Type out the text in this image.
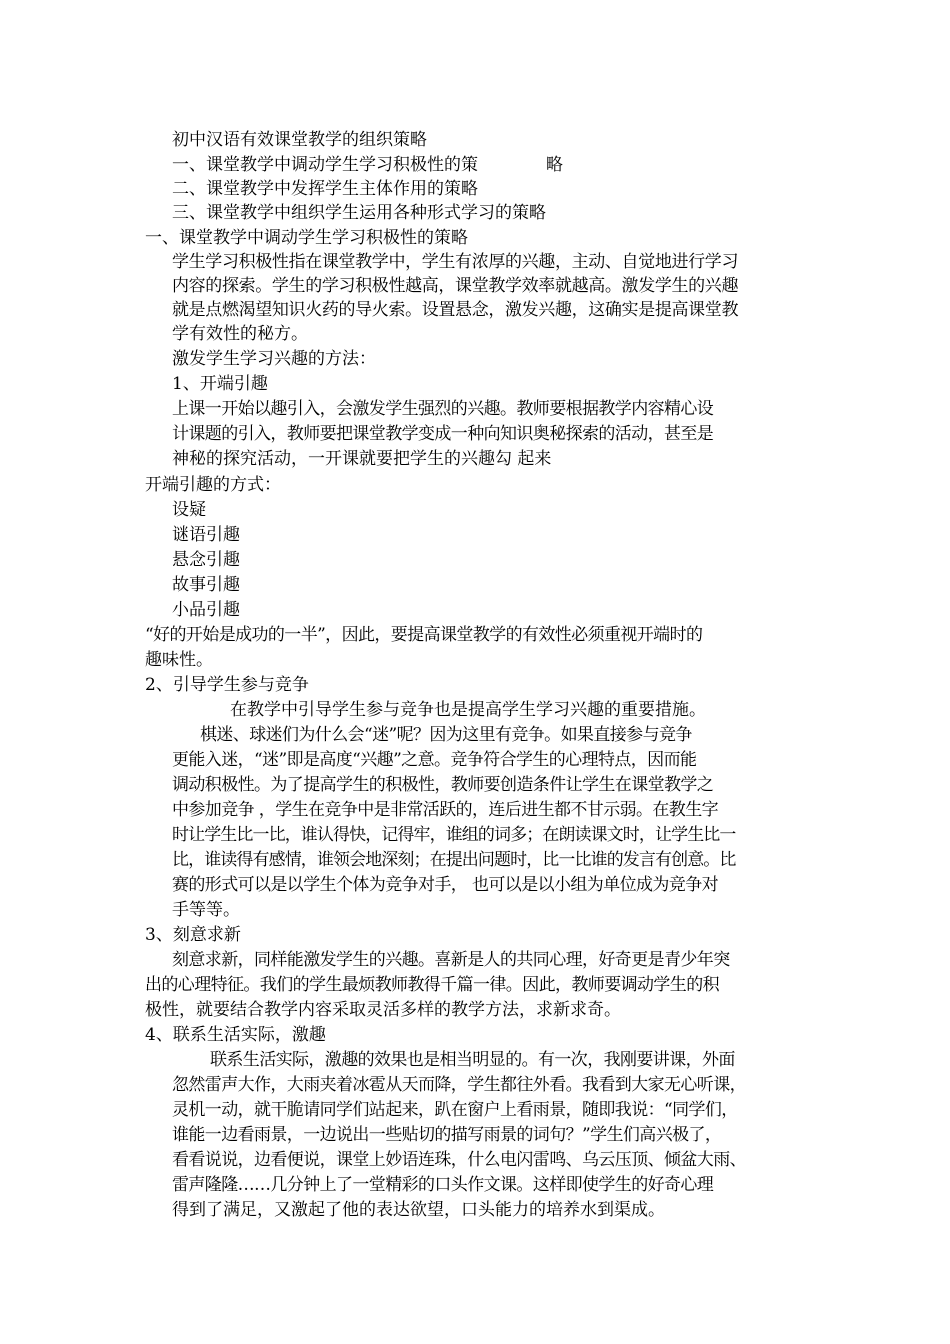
初中汉语有效课堂教学的组织策略

一、课堂教学中调动学生学习积极性的策　　　　略

二、课堂教学中发挥学生主体作用的策略

三、课堂教学中组织学生运用各种形式学习的策略

一、课堂教学中调动学生学习积极性的策略

学生学习积极性指在课堂教学中，学生有浓厚的兴趣，主动、自觉地进行学习

内容的探索。学生的学习积极性越高，课堂教学效率就越高。激发学生的兴趣

就是点燃渴望知识火药的导火索。设置悬念，激发兴趣，这确实是提高课堂教

学有效性的秘方。

激发学生学习兴趣的方法：

1、开端引趣

上课一开始以趣引入，会激发学生强烈的兴趣。教师要根据教学内容精心设

计课题的引入，教师要把课堂教学变成一种向知识奥秘探索的活动，甚至是

神秘的探究活动，一开课就要把学生的兴趣勾 起来

开端引趣的方式：

设疑

谜语引趣

悬念引趣

故事引趣

小品引趣

“好的开始是成功的一半”，因此，要提高课堂教学的有效性必须重视开端时的

趣味性。

2、引导学生参与竞争

在教学中引导学生参与竞争也是提高学生学习兴趣的重要措施。

棋迷、球迷们为什么会“迷”呢？因为这里有竞争。如果直接参与竞争

更能入迷，“迷”即是高度“兴趣”之意。竞争符合学生的心理特点，因而能

调动积极性。为了提高学生的积极性，教师要创造条件让学生在课堂教学之

中参加竞争 ，学生在竞争中是非常活跃的，连后进生都不甘示弱。在教生字

时让学生比一比，谁认得快，记得牢，谁组的词多；在朗读课文时，让学生比一

比，谁读得有感情，谁领会地深刻；在提出问题时，比一比谁的发言有创意。比

赛的形式可以是以学生个体为竞争对手， 也可以是以小组为单位成为竞争对

手等等。

3、刻意求新

刻意求新，同样能激发学生的兴趣。喜新是人的共同心理，好奇更是青少年突

出的心理特征。我们的学生最烦教师教得千篇一律。因此，教师要调动学生的积

极性，就要结合教学内容采取灵活多样的教学方法，求新求奇。

4、联系生活实际，激趣

联系生活实际，激趣的效果也是相当明显的。有一次，我刚要讲课，外面

忽然雷声大作，大雨夹着冰雹从天而降，学生都往外看。我看到大家无心听课，

灵机一动，就干脆请同学们站起来，趴在窗户上看雨景，随即我说：“同学们，

谁能一边看雨景，一边说出一些贴切的描写雨景的词句？”学生们高兴极了，

看看说说，边看便说，课堂上妙语连珠，什么电闪雷鸣、乌云压顶、倾盆大雨、

雷声隆隆……几分钟上了一堂精彩的口头作文课。这样即使学生的好奇心理

得到了满足，又激起了他的表达欲望，口头能力的培养水到渠成。
